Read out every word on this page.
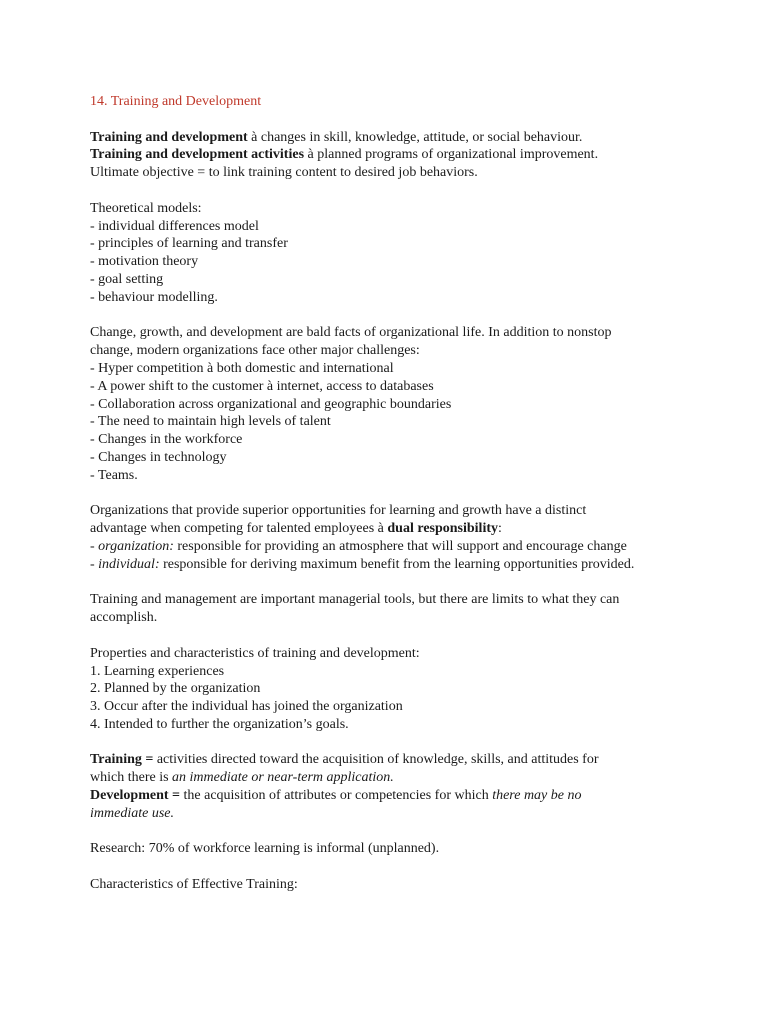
14. Training and Development
Training and development à changes in skill, knowledge, attitude, or social behaviour.
Training and development activities à planned programs of organizational improvement.
Ultimate objective = to link training content to desired job behaviors.
Theoretical models:
- individual differences model
- principles of learning and transfer
- motivation theory
- goal setting
- behaviour modelling.
Change, growth, and development are bald facts of organizational life. In addition to nonstop
change, modern organizations face other major challenges:
- Hyper competition à both domestic and international
- A power shift to the customer à internet, access to databases
- Collaboration across organizational and geographic boundaries
- The need to maintain high levels of talent
- Changes in the workforce
- Changes in technology
- Teams.
Organizations that provide superior opportunities for learning and growth have a distinct
advantage when competing for talented employees à dual responsibility:
- organization: responsible for providing an atmosphere that will support and encourage change
- individual: responsible for deriving maximum benefit from the learning opportunities provided.
Training and management are important managerial tools, but there are limits to what they can
accomplish.
Properties and characteristics of training and development:
1. Learning experiences
2. Planned by the organization
3. Occur after the individual has joined the organization
4. Intended to further the organization’s goals.
Training = activities directed toward the acquisition of knowledge, skills, and attitudes for
which there is an immediate or near-term application.
Development = the acquisition of attributes or competencies for which there may be no
immediate use.
Research: 70% of workforce learning is informal (unplanned).
Characteristics of Effective Training:
